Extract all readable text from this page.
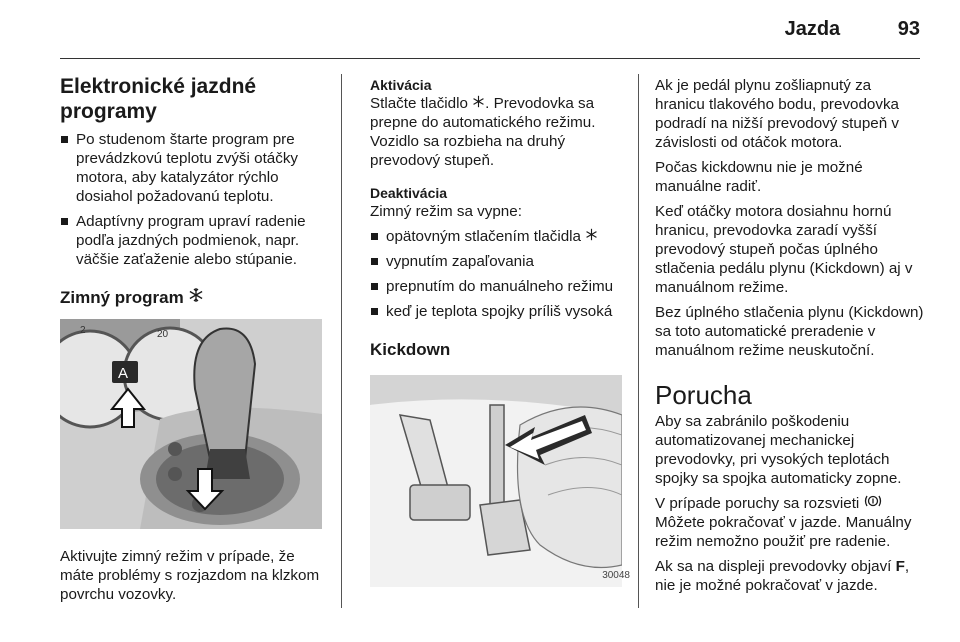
Jazda	93
Elektronické jazdné
programy
Po studenom štarte program pre prevádzkovú teplotu zvýši otáčky motora, aby katalyzátor rýchlo dosiahol požadovanú teplotu.
Adaptívny program upraví radenie podľa jazdných podmienok, napr. väčšie zaťaženie alebo stúpanie.
Zimný program
A
2	20

Aktivujte zimný režim v prípade, že máte problémy s rozjazdom na klzkom povrchu vozovky.

Aktivácia

Stlačte tlačidlo . Prevodovka sa prepne do automatického režimu. Vozidlo sa rozbieha na druhý prevodový stupeň.

Deaktivácia

Zimný režim sa vypne:

opätovným stlačením tlačidla
vypnutím zapaľovania
prepnutím do manuálneho režimu
keď je teplota spojky príliš vysoká
Kickdown
30048

Ak je pedál plynu zošliapnutý za hranicu tlakového bodu, prevodovka podradí na nižší prevodový stupeň v závislosti od otáčok motora.

Počas kickdownu nie je možné manuálne radiť.

Keď otáčky motora dosiahnu hornú hranicu, prevodovka zaradí vyšší prevodový stupeň počas úplného stlačenia pedálu plynu (Kickdown) aj v manuálnom režime.

Bez úplného stlačenia plynu (Kickdown) sa toto automatické preradenie v manuálnom režime neuskutoční.

Porucha

Aby sa zabránilo poškodeniu automatizovanej mechanickej prevodovky, pri vysokých teplotách spojky sa spojka automaticky zopne.

V prípade poruchy sa rozsvieti
Môžete pokračovať v jazde. Manuálny režim nemožno použiť pre radenie.

Ak sa na displeji prevodovky objaví F, nie je možné pokračovať v jazde.
